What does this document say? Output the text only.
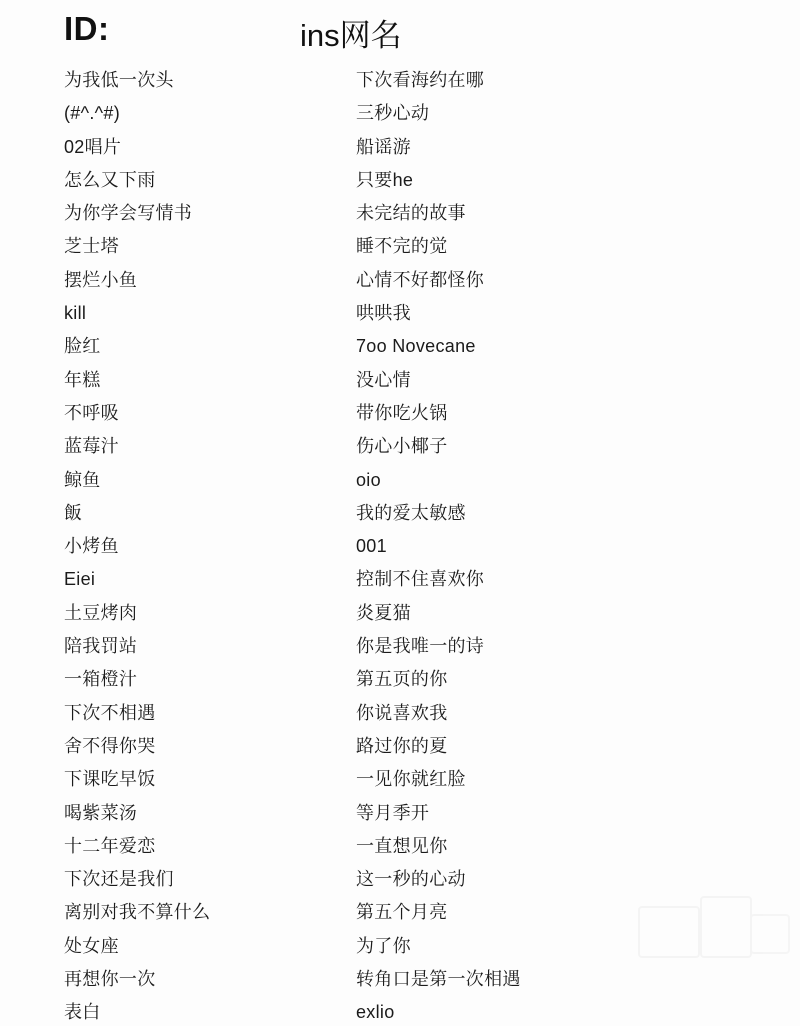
ID:	ins网名
为我低一次头
(#^.^#)
02唱片
怎么又下雨
为你学会写情书
芝士塔
摆烂小鱼
kill
脸红
年糕
不呼吸
蓝莓汁
鲸鱼
飯
小烤鱼
Eiei
土豆烤肉
陪我罚站
一箱橙汁
下次不相遇
舍不得你哭
下课吃早饭
喝紫菜汤
十二年爱恋
下次还是我们
离别对我不算什么
处女座
再想你一次
表白
下次看海约在哪
三秒心动
船谣游
只要he
未完结的故事
睡不完的觉
心情不好都怪你
哄哄我
7oo Novecane
没心情
带你吃火锅
伤心小椰子
oio
我的爱太敏感
001
控制不住喜欢你
炎夏猫
你是我唯一的诗
第五页的你
你说喜欢我
路过你的夏
一见你就红脸
等月季开
一直想见你
这一秒的心动
第五个月亮
为了你
转角口是第一次相遇
exlio
